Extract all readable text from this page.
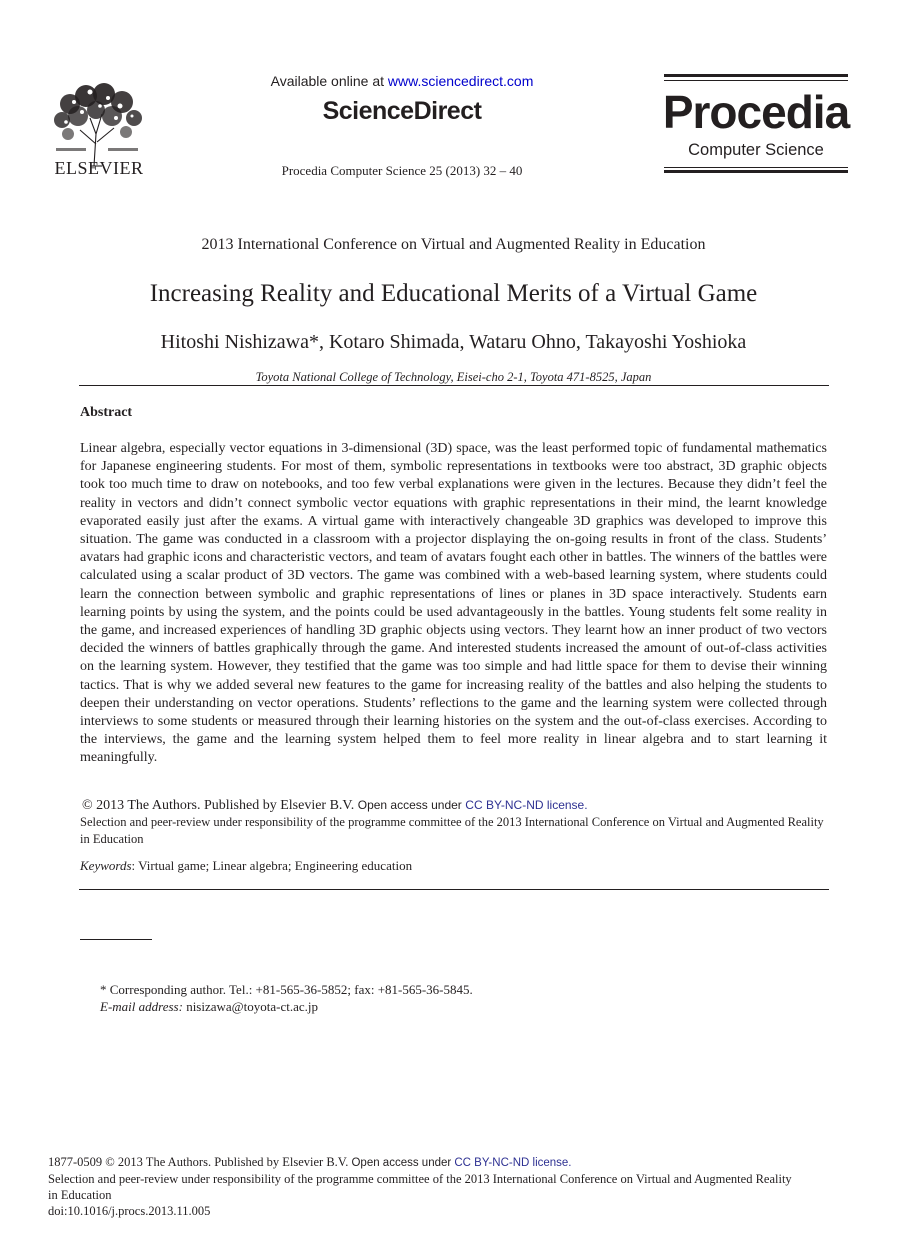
ELSEVIER
Available online at www.sciencedirect.com
ScienceDirect
Procedia Computer Science 25 (2013) 32 – 40
Procedia
Computer Science
2013 International Conference on Virtual and Augmented Reality in Education
Increasing Reality and Educational Merits of a Virtual Game
Hitoshi Nishizawa*, Kotaro Shimada, Wataru Ohno, Takayoshi Yoshioka
Toyota National College of Technology, Eisei-cho 2-1, Toyota 471-8525, Japan
Abstract

Linear algebra, especially vector equations in 3-dimensional (3D) space, was the least performed topic of fundamental mathematics for Japanese engineering students. For most of them, symbolic representations in textbooks were too abstract, 3D graphic objects took too much time to draw on notebooks, and too few verbal explanations were given in the lectures. Because they didn’t feel the reality in vectors and didn’t connect symbolic vector equations with graphic representations in their mind, the learnt knowledge evaporated easily just after the exams. A virtual game with interactively changeable 3D graphics was developed to improve this situation. The game was conducted in a classroom with a projector displaying the on-going results in front of the class. Students’ avatars had graphic icons and characteristic vectors, and team of avatars fought each other in battles. The winners of the battles were calculated using a scalar product of 3D vectors. The game was combined with a web-based learning system, where students could learn the connection between symbolic and graphic representations of lines or planes in 3D space interactively. Students earn learning points by using the system, and the points could be used advantageously in the battles. Young students felt some reality in the game, and increased experiences of handling 3D graphic objects using vectors. They learnt how an inner product of two vectors decided the winners of battles graphically through the game. And interested students increased the amount of out-of-class activities on the learning system. However, they testified that the game was too simple and had little space for them to devise their winning tactics. That is why we added several new features to the game for increasing reality of the battles and also helping the students to deepen their understanding on vector operations. Students’ reflections to the game and the learning system were collected through interviews to some students or measured through their learning histories on the system and the out-of-class exercises. According to the interviews, the game and the learning system helped them to feel more reality in linear algebra and to start learning it meaningfully.

© 2013 The Authors. Published by Elsevier B.V. Open access under CC BY-NC-ND license.
Selection and peer-review under responsibility of the programme committee of the 2013 International Conference on Virtual and Augmented Reality in Education
Keywords: Virtual game; Linear algebra; Engineering education
* Corresponding author. Tel.: +81-565-36-5852; fax: +81-565-36-5845.
E-mail address: nisizawa@toyota-ct.ac.jp
1877-0509 © 2013 The Authors. Published by Elsevier B.V. Open access under CC BY-NC-ND license.
Selection and peer-review under responsibility of the programme committee of the 2013 International Conference on Virtual and Augmented Reality
in Education
doi:10.1016/j.procs.2013.11.005
